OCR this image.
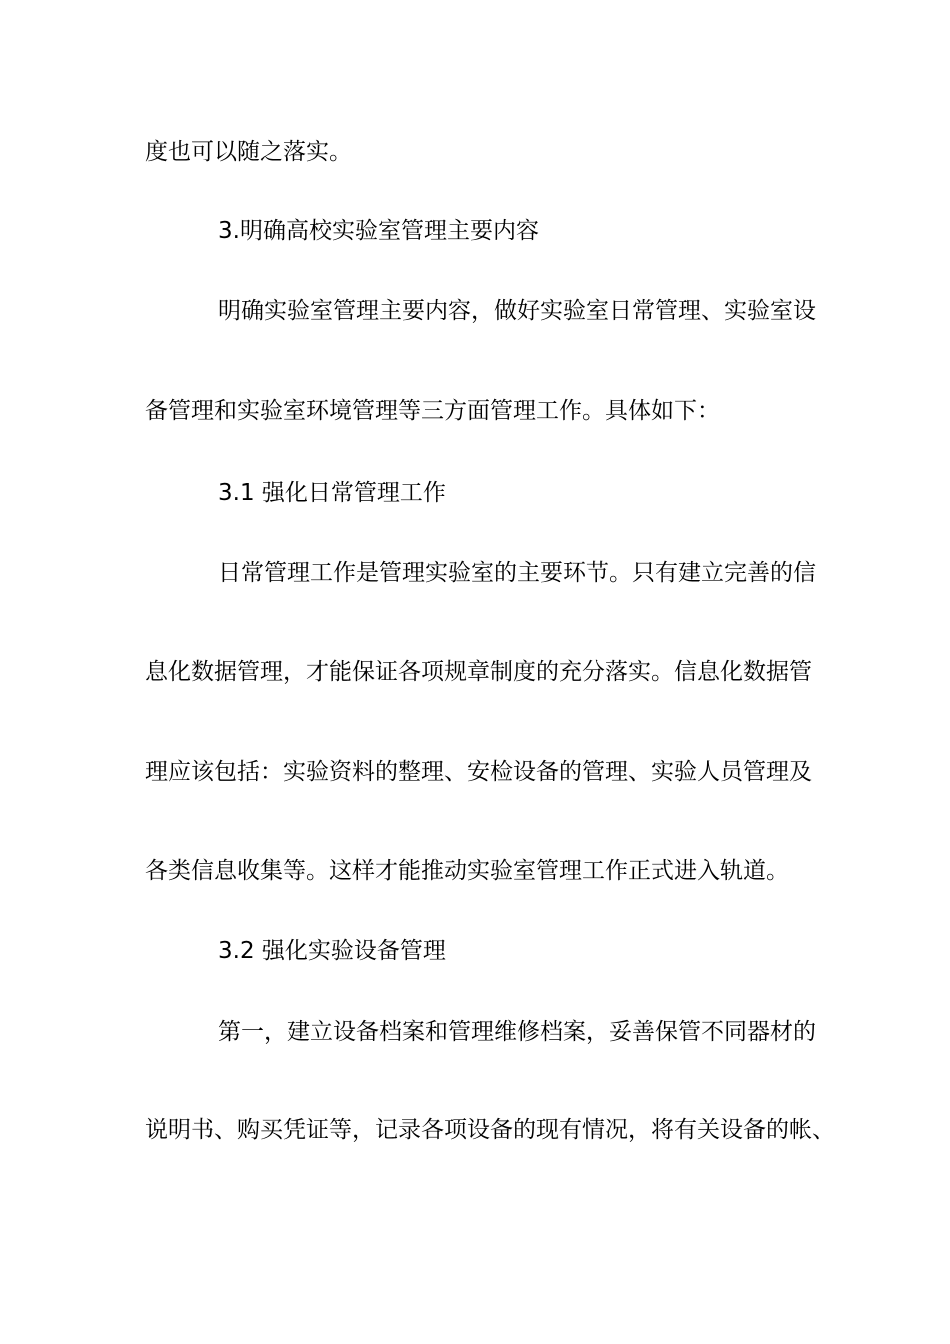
度也可以随之落实。
3.明确高校实验室管理主要内容
明确实验室管理主要内容，做好实验室日常管理、实验室设
备管理和实验室环境管理等三方面管理工作。具体如下：
3.1 强化日常管理工作
日常管理工作是管理实验室的主要环节。只有建立完善的信
息化数据管理，才能保证各项规章制度的充分落实。信息化数据管
理应该包括：实验资料的整理、安检设备的管理、实验人员管理及
各类信息收集等。这样才能推动实验室管理工作正式进入轨道。
3.2 强化实验设备管理
第一，建立设备档案和管理维修档案，妥善保管不同器材的
说明书、购买凭证等，记录各项设备的现有情况，将有关设备的帐、
